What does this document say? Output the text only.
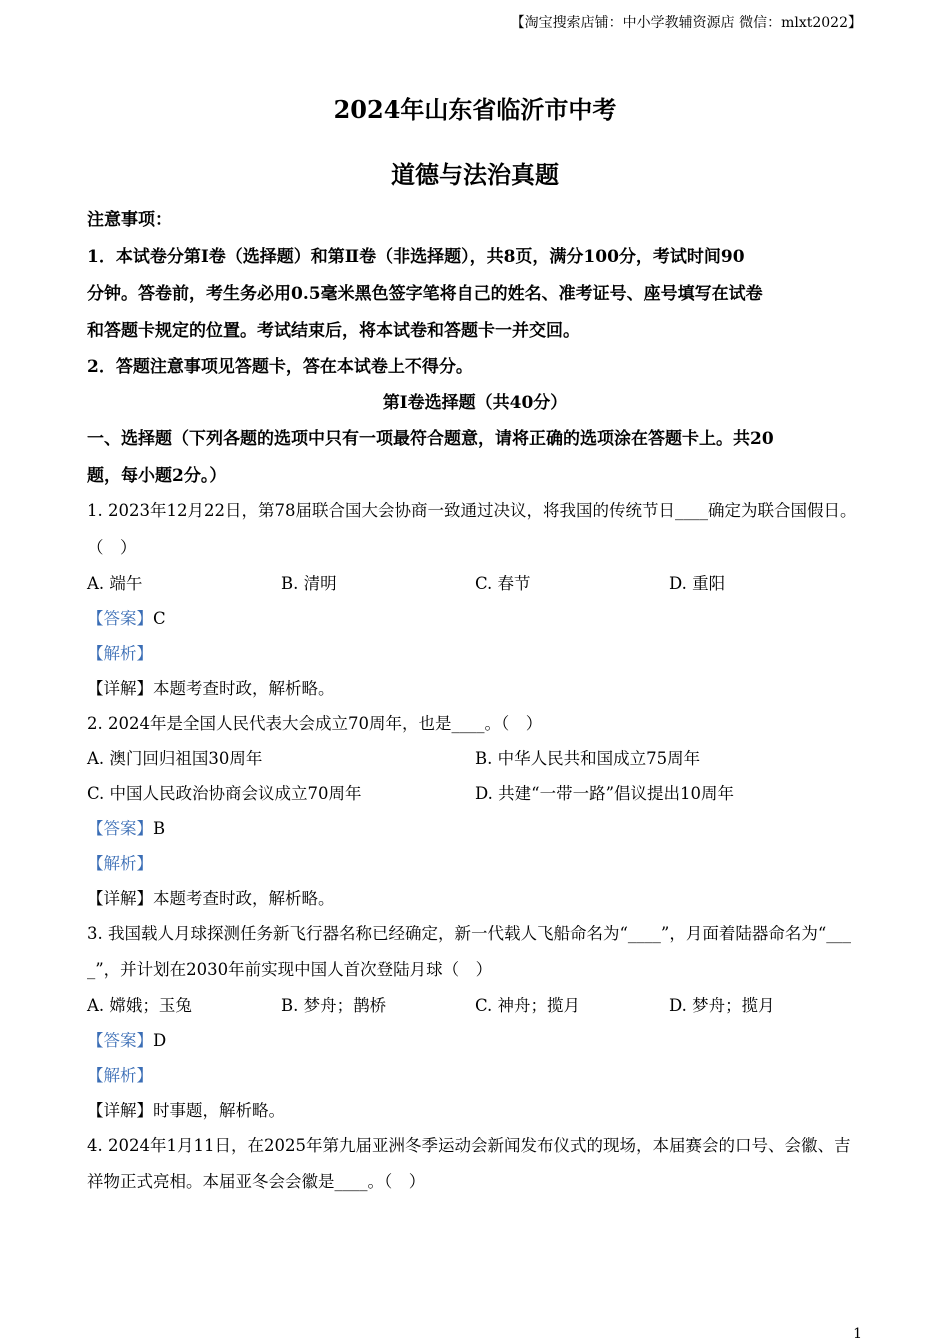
【淘宝搜索店铺：中小学教辅资源店 微信：mlxt2022】
2024年山东省临沂市中考
道德与法治真题
注意事项：
1．本试卷分第Ⅰ卷（选择题）和第Ⅱ卷（非选择题），共8页，满分100分，考试时间90
分钟。答卷前，考生务必用0.5毫米黑色签字笔将自己的姓名、准考证号、座号填写在试卷
和答题卡规定的位置。考试结束后，将本试卷和答题卡一并交回。
2．答题注意事项见答题卡，答在本试卷上不得分。
第Ⅰ卷选择题（共40分）
一、选择题（下列各题的选项中只有一项最符合题意，请将正确的选项涂在答题卡上。共20
题，每小题2分。）
1. 2023年12月22日，第78届联合国大会协商一致通过决议，将我国的传统节日____确定为联合国假日。
（　）
A. 端午	B. 清明	C. 春节	D. 重阳
【答案】C
【解析】
【详解】本题考查时政，解析略。
2. 2024年是全国人民代表大会成立70周年，也是____。（　）
A. 澳门回归祖国30周年	B. 中华人民共和国成立75周年
C. 中国人民政治协商会议成立70周年	D. 共建“一带一路”倡议提出10周年
【答案】B
【解析】
【详解】本题考查时政，解析略。
3. 我国载人月球探测任务新飞行器名称已经确定，新一代载人飞船命名为“____”，月面着陆器命名为“___
_”，并计划在2030年前实现中国人首次登陆月球（　）
A. 嫦娥；玉兔	B. 梦舟；鹊桥	C. 神舟；揽月	D. 梦舟；揽月
【答案】D
【解析】
【详解】时事题，解析略。
4. 2024年1月11日，在2025年第九届亚洲冬季运动会新闻发布仪式的现场，本届赛会的口号、会徽、吉
祥物正式亮相。本届亚冬会会徽是____。（　）
1
